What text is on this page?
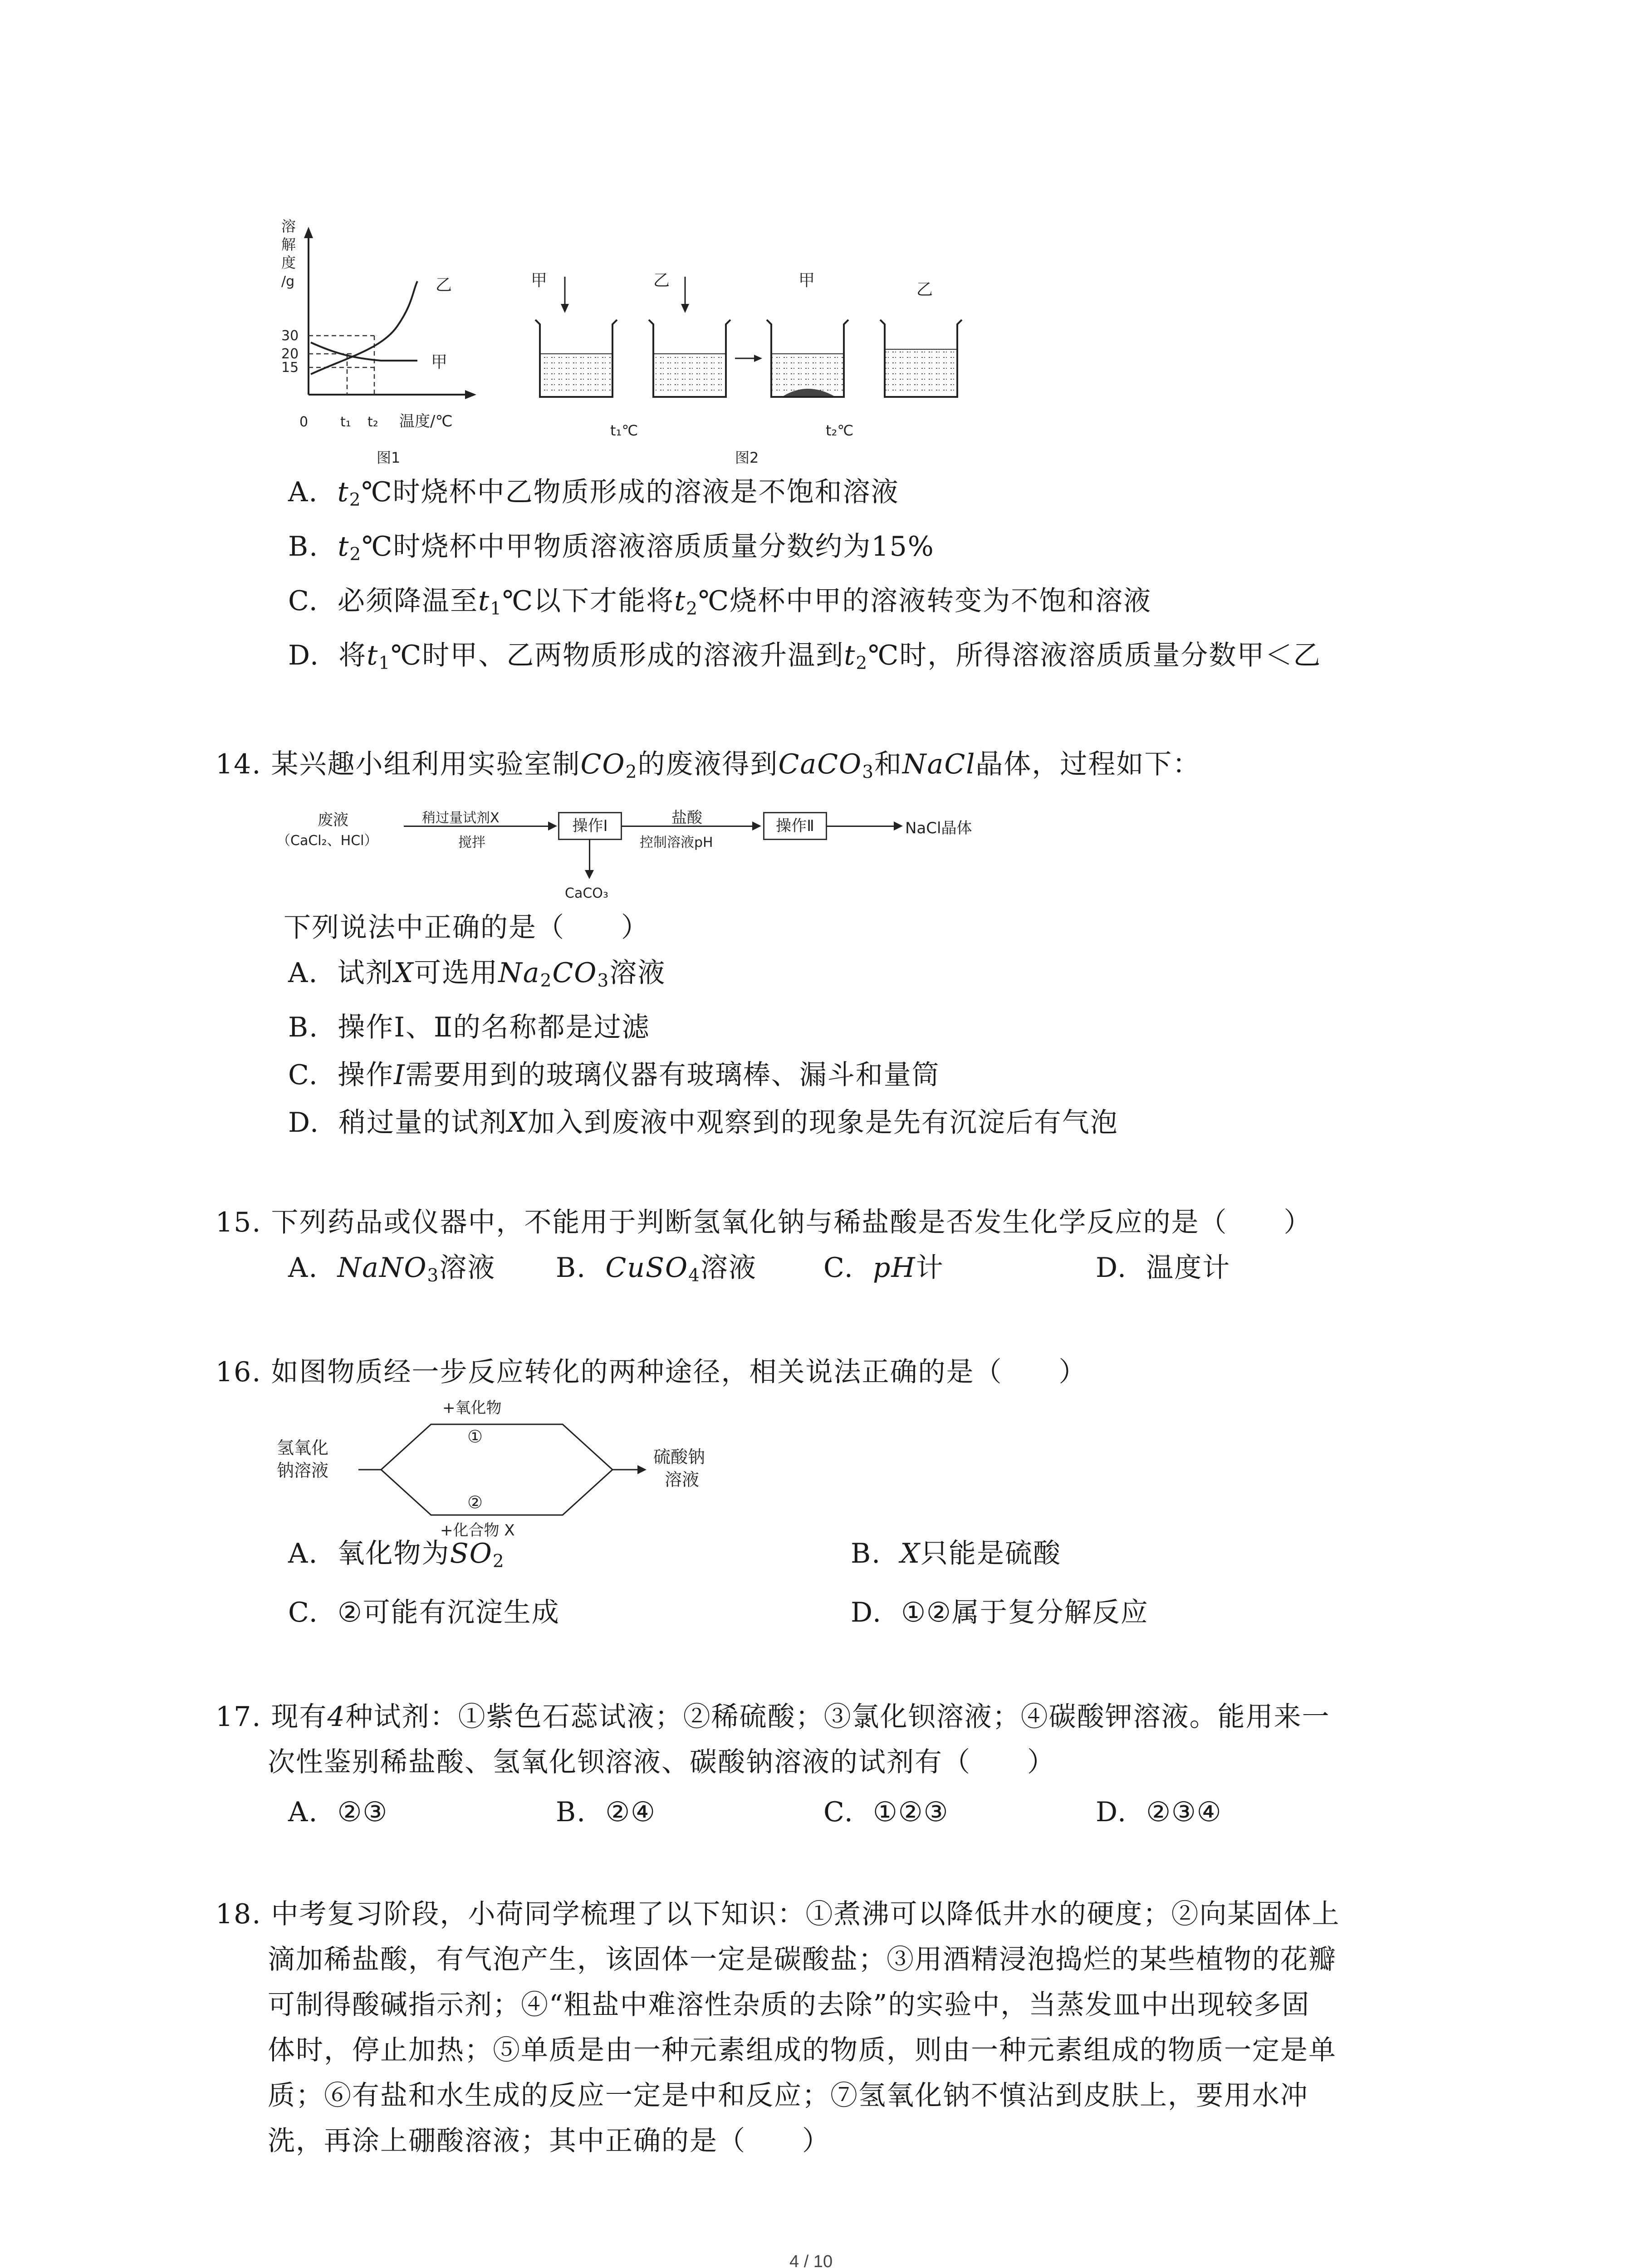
溶
解
度
/g
30
20
15
乙
甲
0 t₁ t₂ 温度/℃
图1
甲	乙	甲	乙
t₁℃	t₂℃
图2
A. $t_2℃$时烧杯中乙物质形成的溶液是不饱和溶液
B. $t_2℃$时烧杯中甲物质溶液溶质质量分数约为15%
C. 必须降温至$t_1℃$以下才能将$t_2℃$烧杯中甲的溶液转变为不饱和溶液
D. 将$t_1℃$时甲、乙两物质形成的溶液升温到$t_2℃$时，所得溶液溶质质量分数甲＜乙
14. 某兴趣小组利用实验室制$CO_2$的废液得到CaCO$_3$和NaCl晶体，过程如下：
废液
（CaCl₂、HCl）
稍过量试剂X
搅拌
操作Ⅰ
CaCO₃
盐酸
控制溶液pH
操作Ⅱ	NaCl晶体
下列说法中正确的是（　　）
A. 试剂X可选用$Na_2CO_3$溶液
B. 操作Ⅰ、Ⅱ的名称都是过滤
C. 操作I需要用到的玻璃仪器有玻璃棒、漏斗和量筒
D. 稍过量的试剂X加入到废液中观察到的现象是先有沉淀后有气泡
15. 下列药品或仪器中，不能用于判断氢氧化钠与稀盐酸是否发生化学反应的是（　　）
A. NaNO$_3$溶液 B. CuSO$_4$溶液 C. pH计	D. 温度计
16. 如图物质经一步反应转化的两种途径，相关说法正确的是（　　）
氢氧化
钠溶液
+氧化物
①
②
+化合物 X
硫酸钠
溶液
A. 氧化物为$SO_2$	B. X只能是硫酸
C. ②可能有沉淀生成	D. ①②属于复分解反应
17. 现有4种试剂：①紫色石蕊试液；②稀硫酸；③氯化钡溶液；④碳酸钾溶液。能用来一
次性鉴别稀盐酸、氢氧化钡溶液、碳酸钠溶液的试剂有（　　）
A. ②③	B. ②④	C. ①②③	D. ②③④
18. 中考复习阶段，小荷同学梳理了以下知识：①煮沸可以降低井水的硬度；②向某固体上
滴加稀盐酸，有气泡产生，该固体一定是碳酸盐；③用酒精浸泡捣烂的某些植物的花瓣
可制得酸碱指示剂；④“粗盐中难溶性杂质的去除”的实验中，当蒸发皿中出现较多固
体时，停止加热；⑤单质是由一种元素组成的物质，则由一种元素组成的物质一定是单
质；⑥有盐和水生成的反应一定是中和反应；⑦氢氧化钠不慎沾到皮肤上，要用水冲
洗，再涂上硼酸溶液；其中正确的是（　　）
4 / 10
